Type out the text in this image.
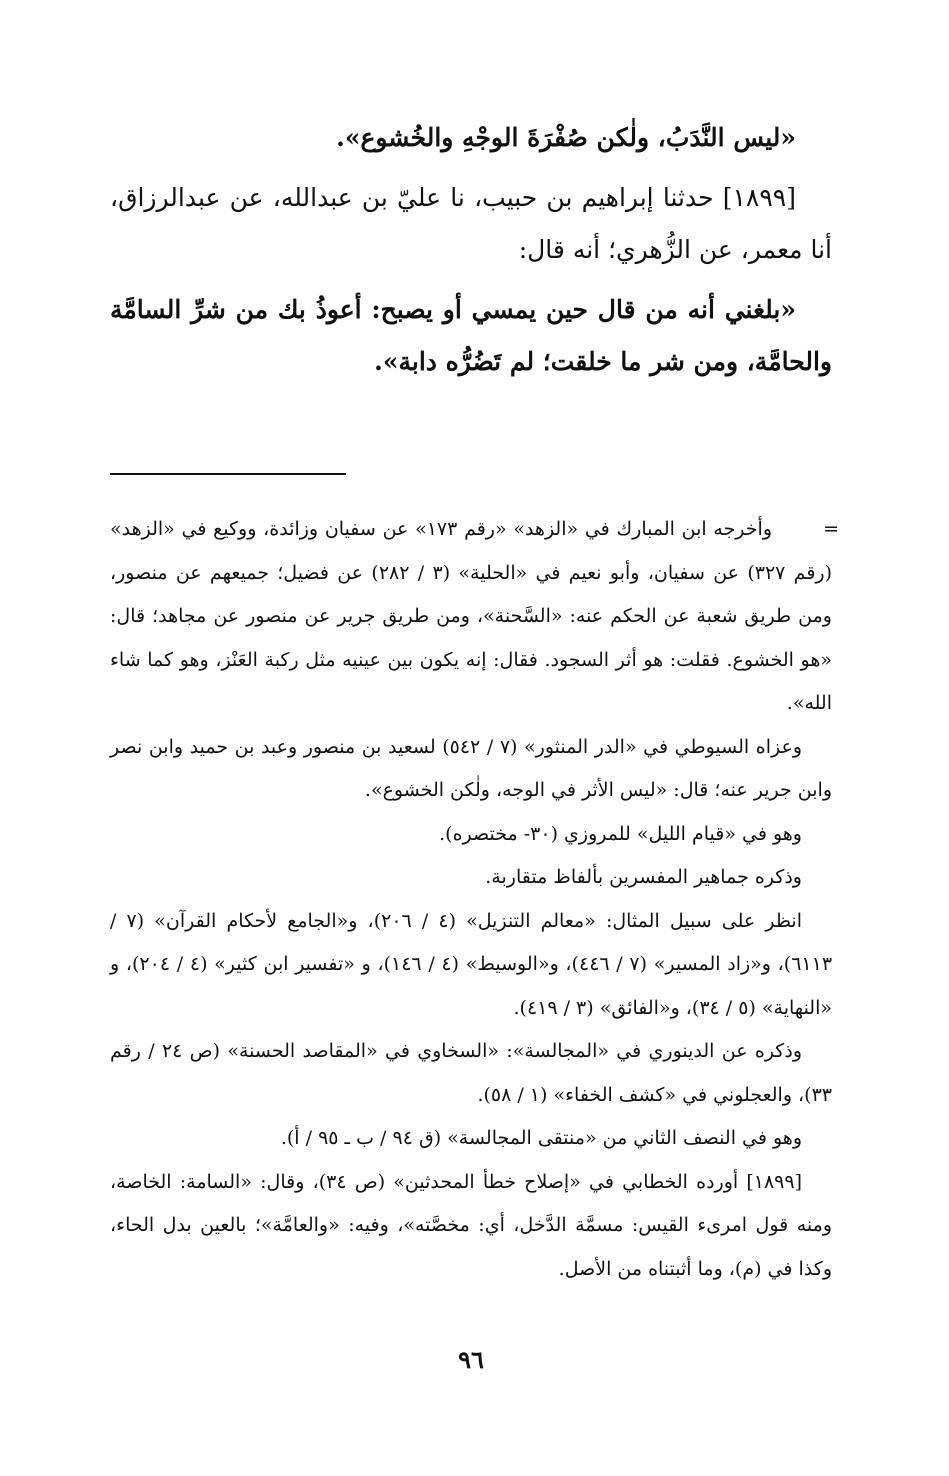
«ليس النَّدَبُ، ولٰكن صُفْرَةَ الوجْهِ والخُشوع».

[١٨٩٩] حدثنا إبراهيم بن حبيب، نا عليّ بن عبدالله، عن عبدالرزاق، أنا معمر، عن الزُّهري؛ أنه قال:

«بلغني أنه من قال حين يمسي أو يصبح: أعوذُ بك من شرِّ السامَّة والحامَّة، ومن شر ما خلقت؛ لم تَضُرُّه دابة».

=

وأخرجه ابن المبارك في «الزهد» «رقم ١٧٣» عن سفيان وزائدة، ووكيع في «الزهد» (رقم ٣٢٧) عن سفيان، وأبو نعيم في «الحلية» (٣ / ٢٨٢) عن فضيل؛ جميعهم عن منصور، ومن طريق شعبة عن الحكم عنه: «السَّحنة»، ومن طريق جرير عن منصور عن مجاهد؛ قال: «هو الخشوع. فقلت: هو أثر السجود. فقال: إنه يكون بين عينيه مثل ركبة العَنْز، وهو كما شاء الله».

وعزاه السيوطي في «الدر المنثور» (٧ / ٥٤٢) لسعيد بن منصور وعبد بن حميد وابن نصر وابن جرير عنه؛ قال: «ليس الأثر في الوجه، ولٰكن الخشوع».

وهو في «قيام الليل» للمروزي (٣٠- مختصره).

وذكره جماهير المفسرين بألفاظ متقاربة.

انظر على سبيل المثال: «معالم التنزيل» (٤ / ٢٠٦)، و«الجامع لأحكام القرآن» (٧ / ٦١١٣)، و«زاد المسير» (٧ / ٤٤٦)، و«الوسيط» (٤ / ١٤٦)، و «تفسير ابن كثير» (٤ / ٢٠٤)، و «النهاية» (٥ / ٣٤)، و«الفائق» (٣ / ٤١٩).

وذكره عن الدينوري في «المجالسة»: «السخاوي في «المقاصد الحسنة» (ص ٢٤ / رقم ٣٣)، والعجلوني في «كشف الخفاء» (١ / ٥٨).

وهو في النصف الثاني من «منتقى المجالسة» (ق ٩٤ / ب ـ ٩٥ / أ).

[١٨٩٩] أورده الخطابي في «إصلاح خطأ المحدثين» (ص ٣٤)، وقال: «السامة: الخاصة، ومنه قول امرىء القيس: مسمَّة الدَّخل، أي: مخصَّته»، وفيه: «والعامَّة»؛ بالعين بدل الحاء، وكذا في (م)، وما أثبتناه من الأصل.

٩٦
